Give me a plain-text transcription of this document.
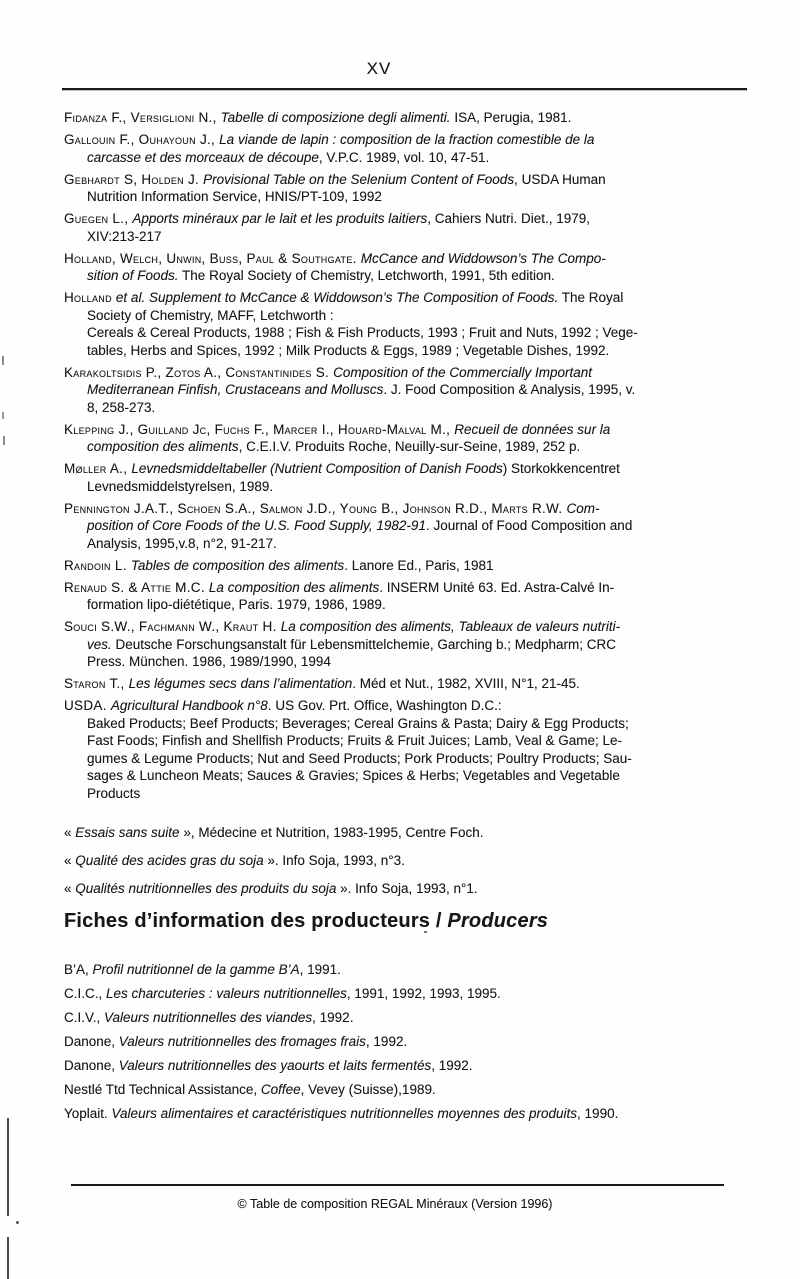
XV

Fidanza F., Versiglioni N., Tabelle di composizione degli alimenti. ISA, Perugia, 1981.

Gallouin F., Ouhayoun J., La viande de lapin : composition de la fraction comestible de la
carcasse et des morceaux de découpe, V.P.C. 1989, vol. 10, 47-51.

Gebhardt S, Holden J. Provisional Table on the Selenium Content of Foods, USDA Human
Nutrition Information Service, HNIS/PT-109, 1992

Guegen L., Apports minéraux par le lait et les produits laitiers, Cahiers Nutri. Diet., 1979,
XIV:213-217

Holland, Welch, Unwin, Buss, Paul & Southgate. McCance and Widdowson’s The Compo-
sition of Foods. The Royal Society of Chemistry, Letchworth, 1991, 5th edition.

Holland et al. Supplement to McCance & Widdowson’s The Composition of Foods. The Royal
Society of Chemistry, MAFF, Letchworth :
Cereals & Cereal Products, 1988 ; Fish & Fish Products, 1993 ; Fruit and Nuts, 1992 ; Vege-
tables, Herbs and Spices, 1992 ; Milk Products & Eggs, 1989 ; Vegetable Dishes, 1992.

Karakoltsidis P., Zotos A., Constantinides S. Composition of the Commercially Important
Mediterranean Finfish, Crustaceans and Molluscs. J. Food Composition & Analysis, 1995, v.
8, 258-273.

Klepping J., Guilland Jc, Fuchs F., Marcer I., Houard-Malval M., Recueil de données sur la
composition des aliments, C.E.I.V. Produits Roche, Neuilly-sur-Seine, 1989, 252 p.

Møller A., Levnedsmiddeltabeller (Nutrient Composition of Danish Foods) Storkokkencentret
Levnedsmiddelstyrelsen, 1989.

Pennington J.A.T., Schoen S.A., Salmon J.D., Young B., Johnson R.D., Marts R.W. Com-
position of Core Foods of the U.S. Food Supply, 1982-91. Journal of Food Composition and
Analysis, 1995,v.8, n°2, 91-217.

Randoin L. Tables de composition des aliments. Lanore Ed., Paris, 1981

Renaud S. & Attie M.C. La composition des aliments. INSERM Unité 63. Ed. Astra-Calvé In-
formation lipo-diététique, Paris. 1979, 1986, 1989.

Souci S.W., Fachmann W., Kraut H. La composition des aliments, Tableaux de valeurs nutriti-
ves. Deutsche Forschungsanstalt für Lebensmittelchemie, Garching b.; Medpharm; CRC
Press. München. 1986, 1989/1990, 1994

Staron T., Les légumes secs dans l’alimentation. Méd et Nut., 1982, XVIII, N°1, 21-45.

USDA. Agricultural Handbook n°8. US Gov. Prt. Office, Washington D.C.:
Baked Products; Beef Products; Beverages; Cereal Grains & Pasta; Dairy & Egg Products;
Fast Foods; Finfish and Shellfish Products; Fruits & Fruit Juices; Lamb, Veal & Game; Le-
gumes & Legume Products; Nut and Seed Products; Pork Products; Poultry Products; Sau-
sages & Luncheon Meats; Sauces & Gravies; Spices & Herbs; Vegetables and Vegetable
Products

« Essais sans suite », Médecine et Nutrition, 1983-1995, Centre Foch.

« Qualité des acides gras du soja ». Info Soja, 1993, n°3.

« Qualités nutritionnelles des produits du soja ». Info Soja, 1993, n°1.

Fiches d’information des producteurs / Producers

B’A, Profil nutritionnel de la gamme B’A, 1991.

C.I.C., Les charcuteries : valeurs nutritionnelles, 1991, 1992, 1993, 1995.

C.I.V., Valeurs nutritionnelles des viandes, 1992.

Danone, Valeurs nutritionnelles des fromages frais, 1992.

Danone, Valeurs nutritionnelles des yaourts et laits fermentés, 1992.

Nestlé Ttd Technical Assistance, Coffee, Vevey (Suisse),1989.

Yoplait. Valeurs alimentaires et caractéristiques nutritionnelles moyennes des produits, 1990.

© Table de composition REGAL Minéraux (Version 1996)
